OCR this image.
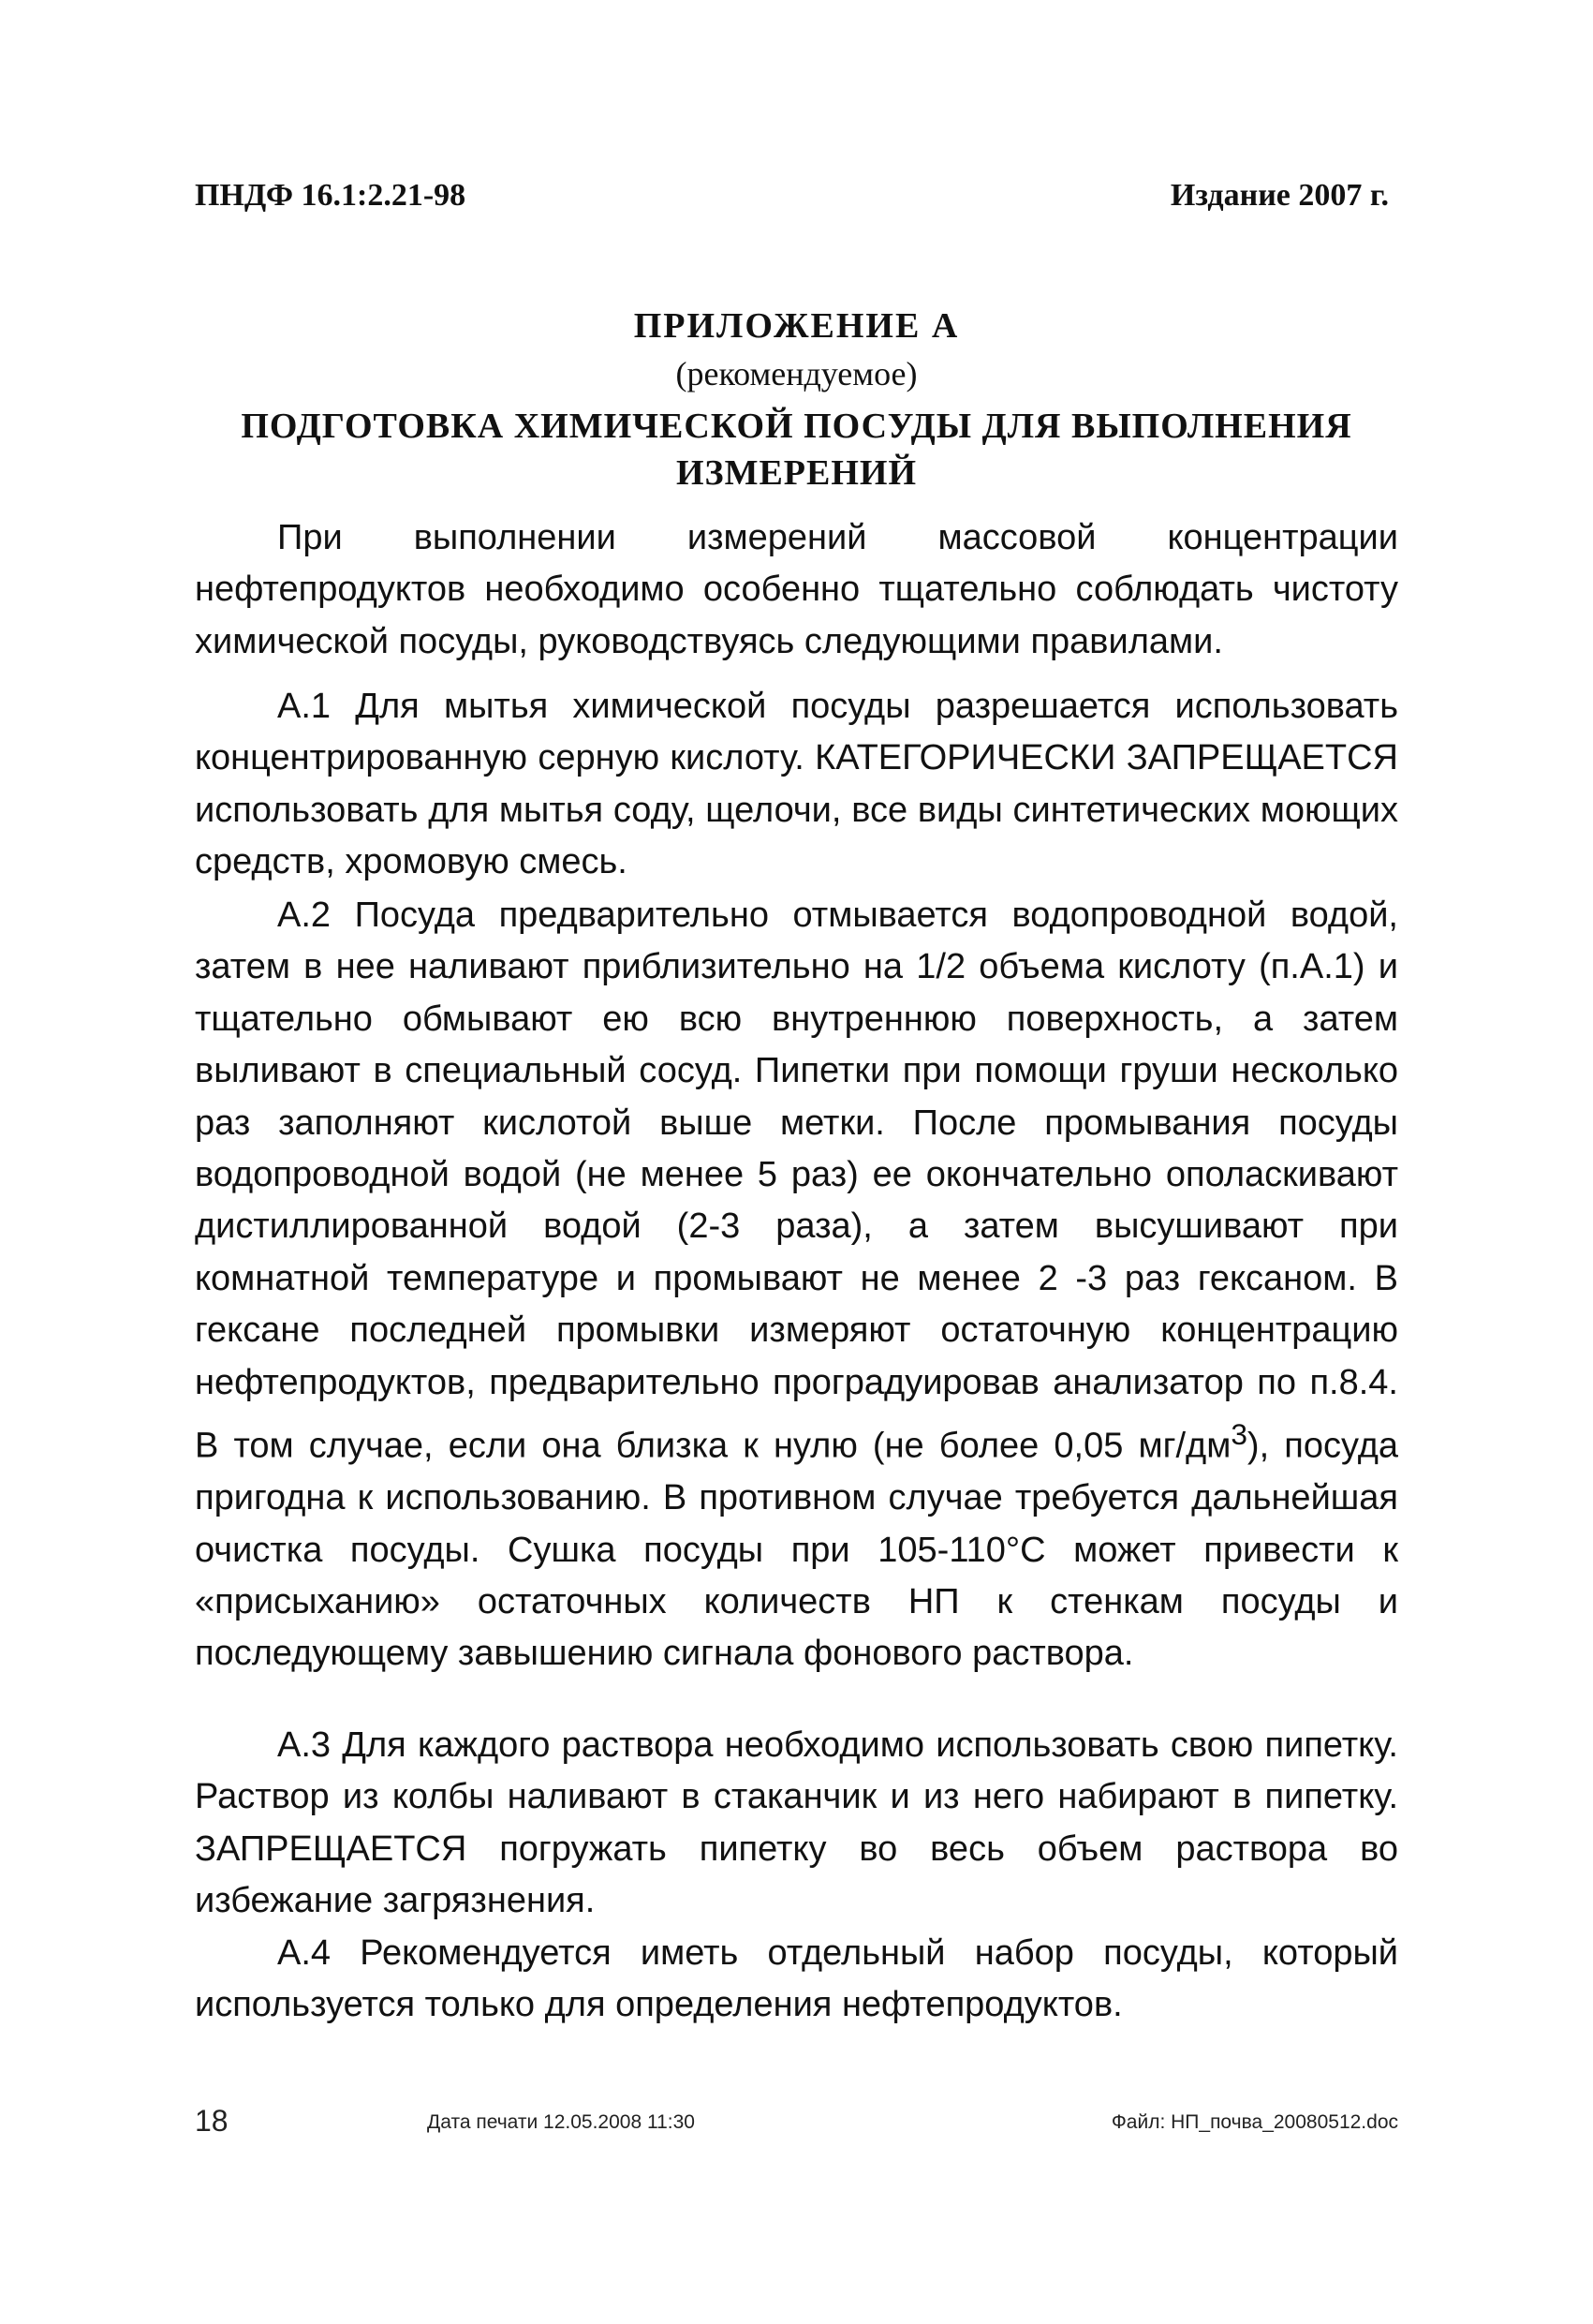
ПНДФ 16.1:2.21-98	Издание 2007 г.
ПРИЛОЖЕНИЕ А
(рекомендуемое)
ПОДГОТОВКА ХИМИЧЕСКОЙ ПОСУДЫ ДЛЯ ВЫПОЛНЕНИЯ
ИЗМЕРЕНИЙ

При выполнении измерений массовой концентрации нефтепродуктов необходимо особенно тщательно соблюдать чистоту химической посуды, руководствуясь следующими правилами.

А.1 Для мытья химической посуды разрешается использовать концентрированную серную кислоту. КАТЕГОРИЧЕСКИ ЗАПРЕЩАЕТСЯ использовать для мытья соду, щелочи, все виды синтетических моющих средств, хромовую смесь.

А.2 Посуда предварительно отмывается водопроводной водой, затем в нее наливают приблизительно на 1/2 объема кислоту (п.А.1) и тщательно обмывают ею всю внутреннюю поверхность, а затем выливают в специальный сосуд. Пипетки при помощи груши несколько раз заполняют кислотой выше метки. После промывания посуды водопроводной водой (не менее 5 раз) ее окончательно ополаскивают дистиллированной водой (2-3 раза), а затем высушивают при комнатной температуре и промывают не менее 2 -3 раз гексаном. В гексане последней промывки измеряют остаточную концентрацию нефтепродуктов, предварительно проградуировав анализатор по п.8.4. В том случае, если она близка к нулю (не более 0,05 $мг/дм^3$), посуда пригодна к использованию. В противном случае требуется дальнейшая очистка посуды. Сушка посуды при 105-110°С может привести к «присыханию» остаточных количеств НП к стенкам посуды и последующему завышению сигнала фонового раствора.

А.3 Для каждого раствора необходимо использовать свою пипетку. Раствор из колбы наливают в стаканчик и из него набирают в пипетку. ЗАПРЕЩАЕТСЯ погружать пипетку во весь объем раствора во избежание загрязнения.

А.4 Рекомендуется иметь отдельный набор посуды, который используется только для определения нефтепродуктов.

18	Дата печати 12.05.2008 11:30	Файл: НП_почва_20080512.doc
